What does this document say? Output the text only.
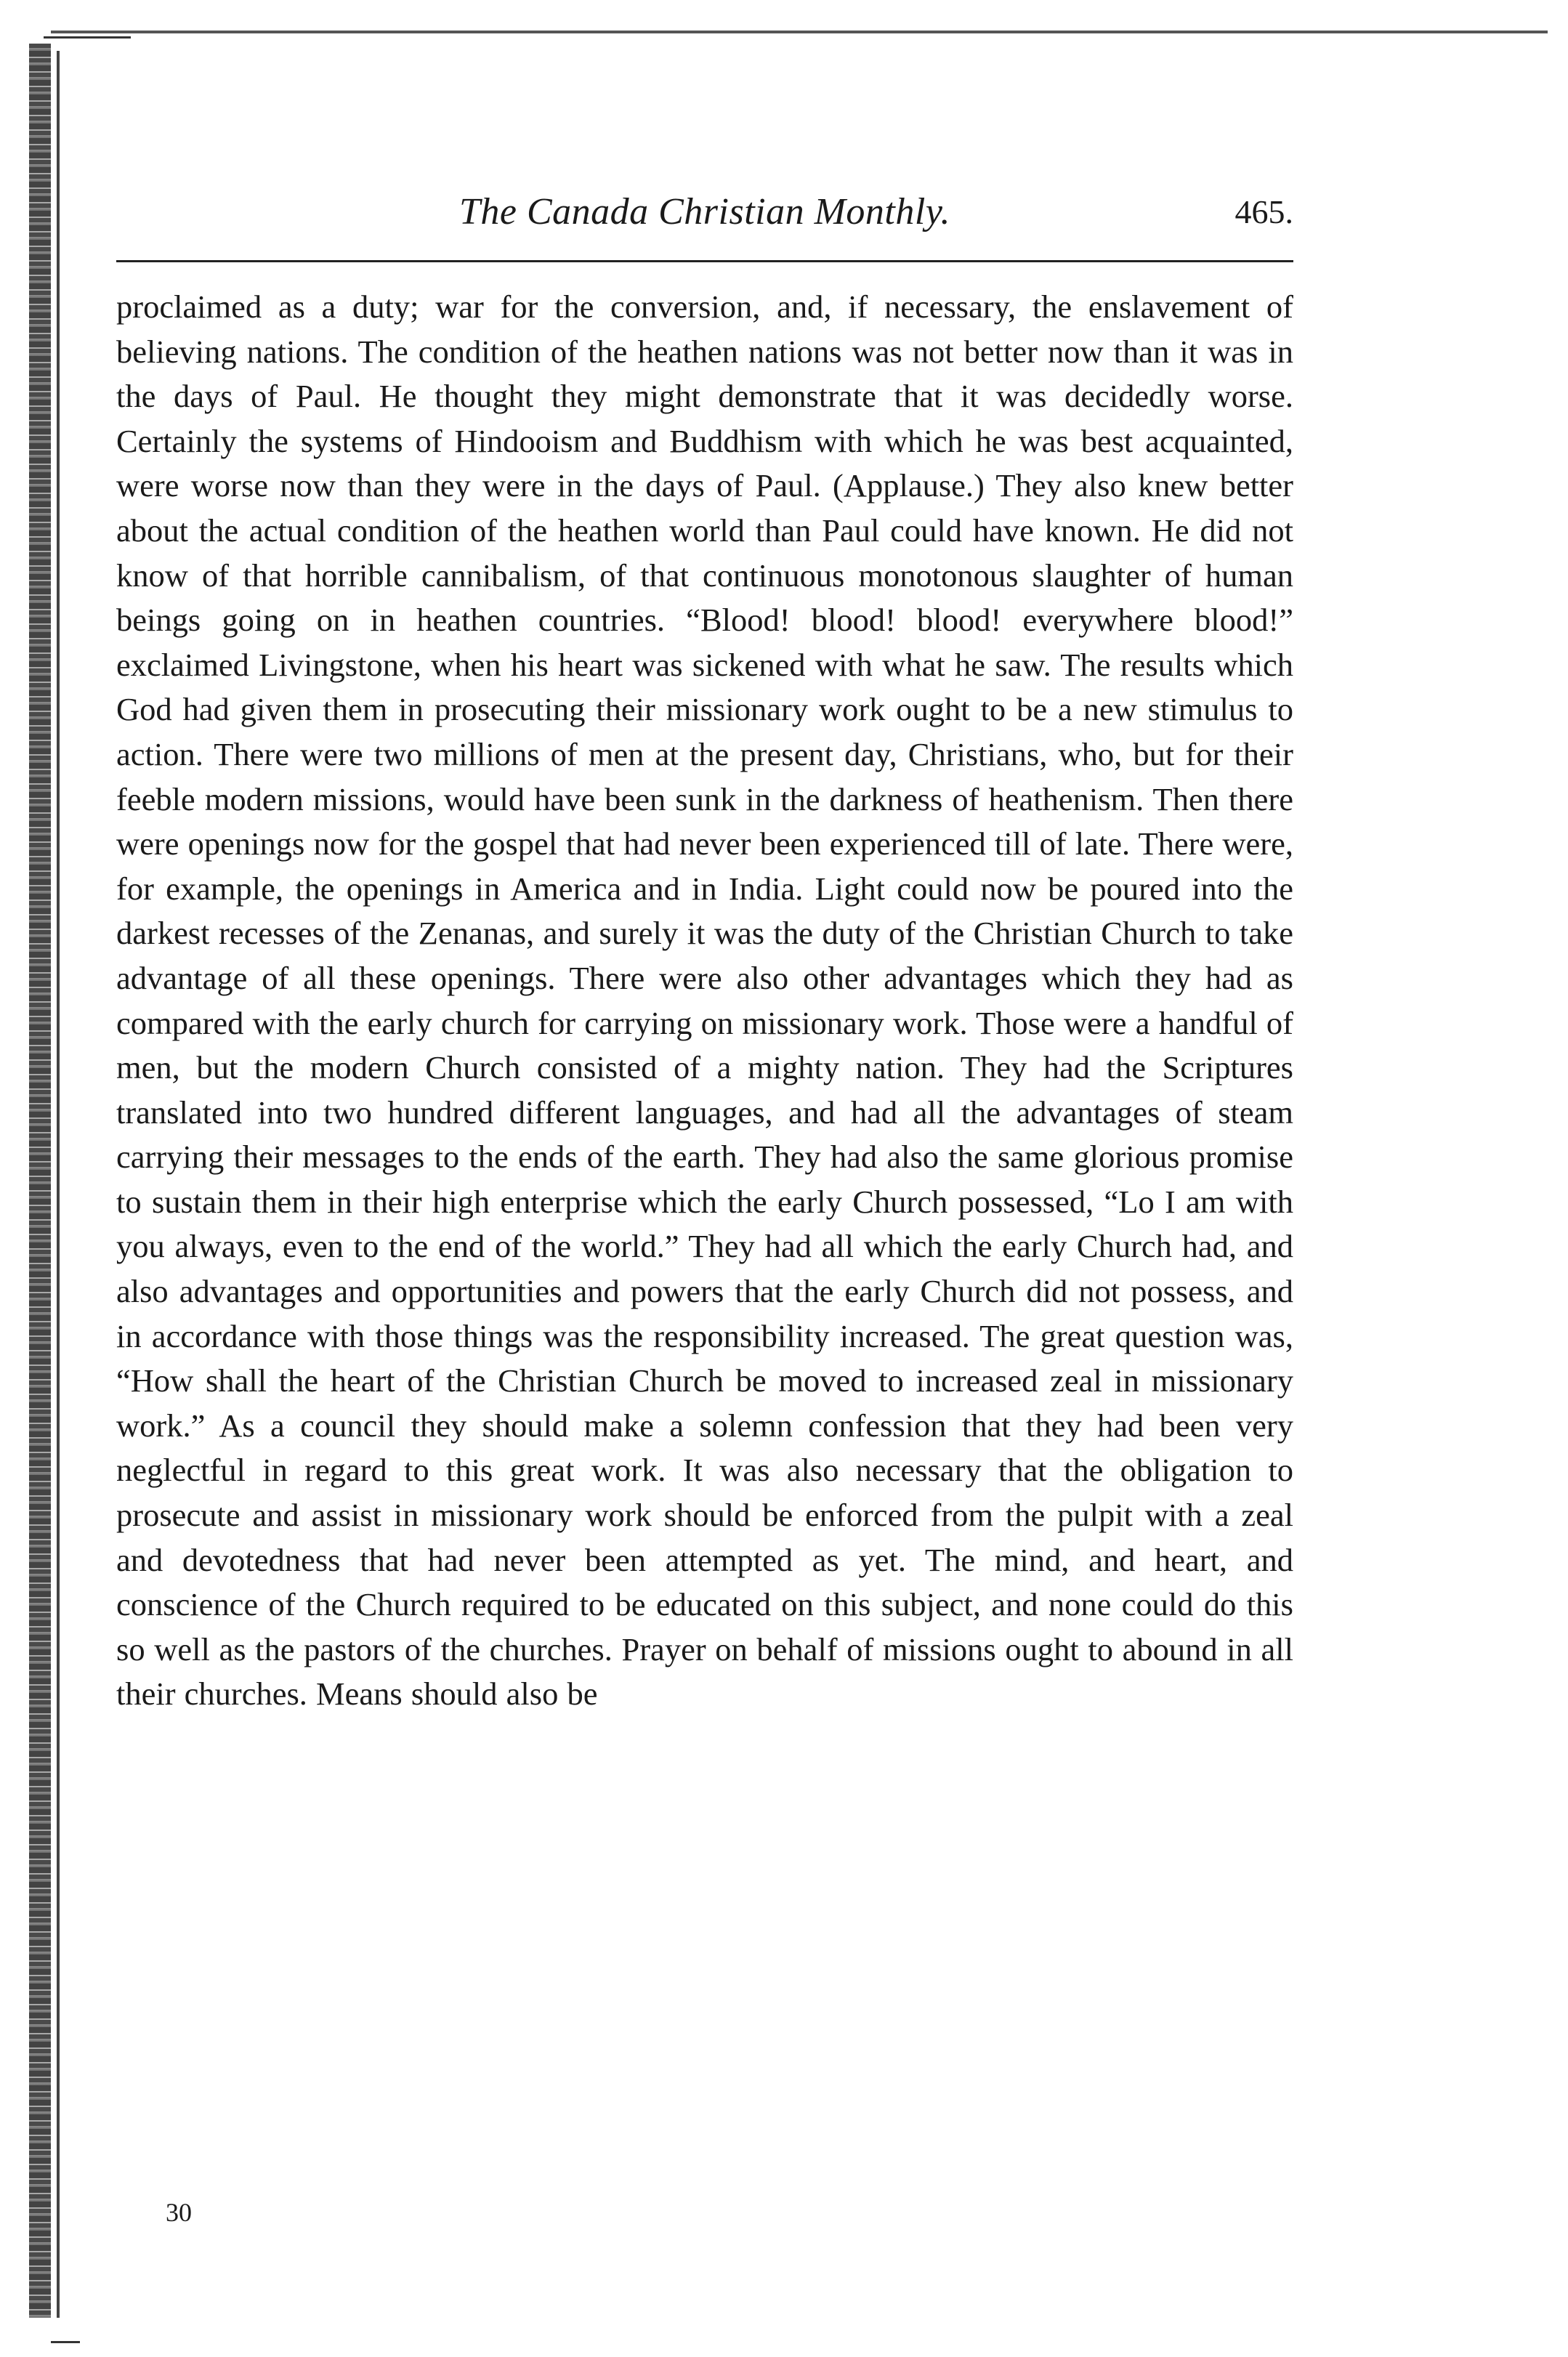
The Canada Christian Monthly.	465.

proclaimed as a duty; war for the conversion, and, if necessary, the enslavement of believing nations. The condition of the heathen nations was not better now than it was in the days of Paul. He thought they might demonstrate that it was decidedly worse. Certainly the systems of Hindooism and Buddhism with which he was best acquainted, were worse now than they were in the days of Paul. (Applause.) They also knew better about the actual condition of the heathen world than Paul could have known. He did not know of that horrible cannibalism, of that continuous monotonous slaughter of human beings going on in heathen countries. “Blood! blood! blood! everywhere blood!” exclaimed Livingstone, when his heart was sickened with what he saw. The results which God had given them in prosecuting their missionary work ought to be a new stimulus to action. There were two millions of men at the present day, Christians, who, but for their feeble modern missions, would have been sunk in the darkness of heathenism. Then there were openings now for the gospel that had never been experienced till of late. There were, for example, the openings in America and in India. Light could now be poured into the darkest recesses of the Zenanas, and surely it was the duty of the Christian Church to take advantage of all these openings. There were also other advantages which they had as compared with the early church for carrying on missionary work. Those were a handful of men, but the modern Church consisted of a mighty nation. They had the Scriptures translated into two hundred different languages, and had all the advantages of steam carrying their messages to the ends of the earth. They had also the same glorious promise to sustain them in their high enterprise which the early Church possessed, “Lo I am with you always, even to the end of the world.” They had all which the early Church had, and also advantages and opportunities and powers that the early Church did not possess, and in accordance with those things was the responsibility increased. The great question was, “How shall the heart of the Christian Church be moved to increased zeal in missionary work.” As a council they should make a solemn confession that they had been very neglectful in regard to this great work. It was also necessary that the obligation to prosecute and assist in missionary work should be enforced from the pulpit with a zeal and devotedness that had never been attempted as yet. The mind, and heart, and conscience of the Church required to be educated on this subject, and none could do this so well as the pastors of the churches. Prayer on behalf of missions ought to abound in all their churches. Means should also be

30
